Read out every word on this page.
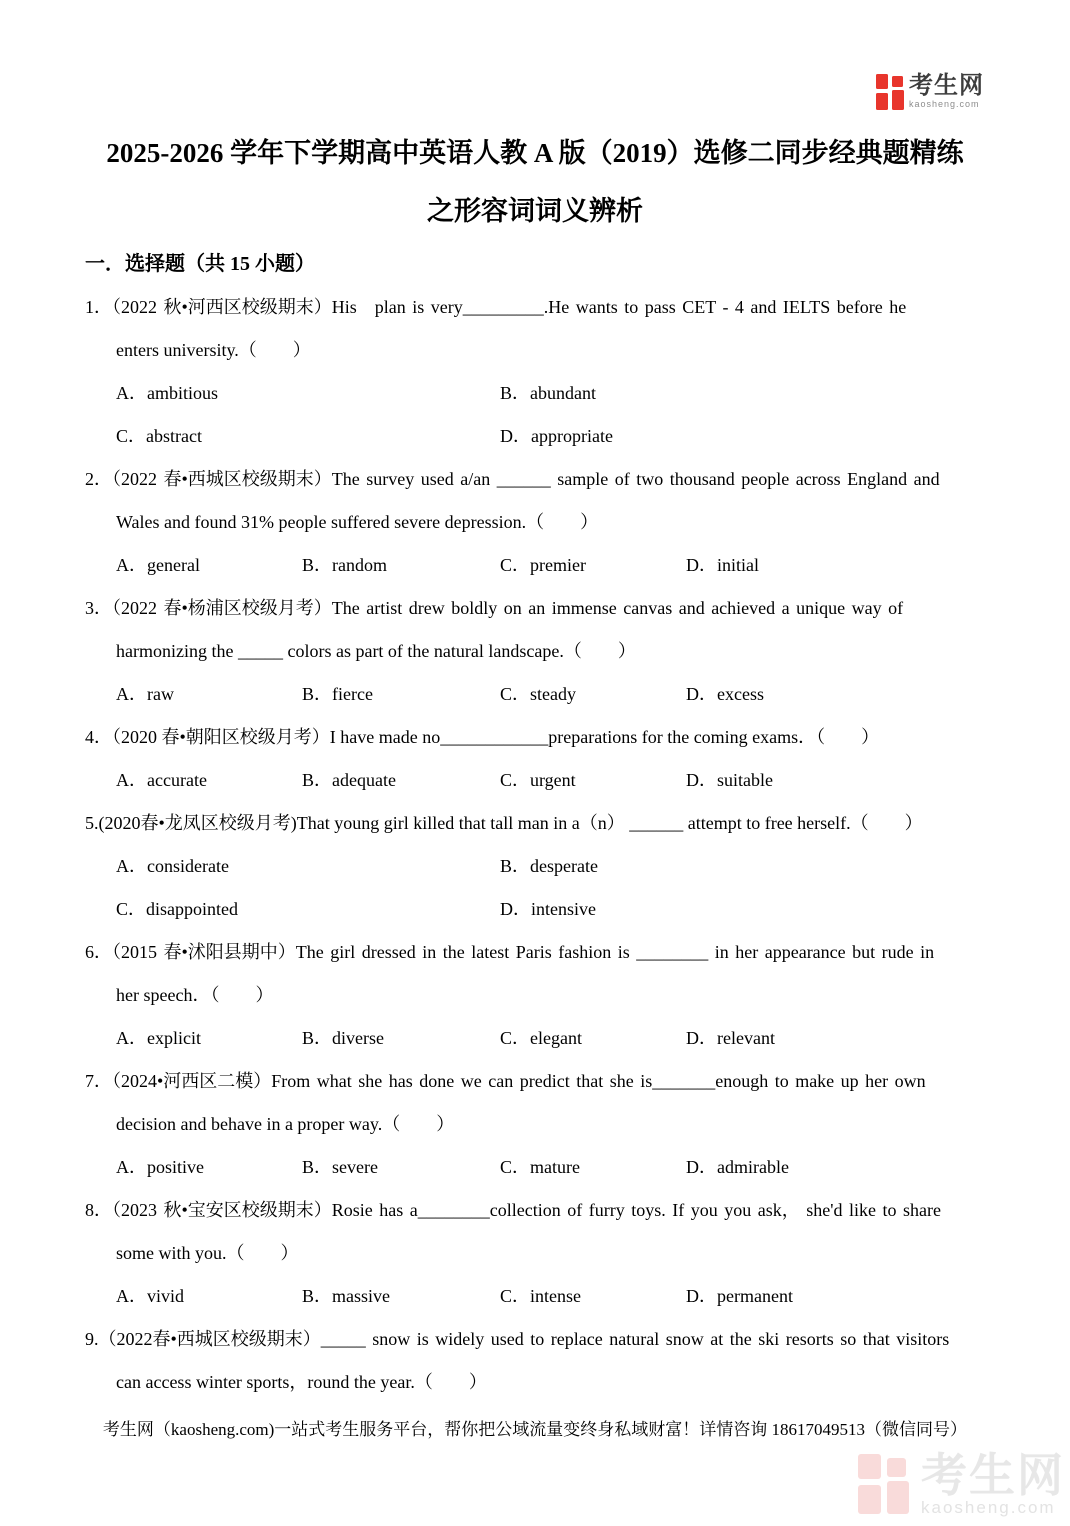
考生网
kaosheng.com
2025-2026 学年下学期高中英语人教 A 版（2019）选修二同步经典题精练
之形容词词义辨析
一．选择题（共 15 小题）
1．（2022 秋•河西区校级期末）His　plan is very_________.He wants to pass CET - 4 and IELTS before he
enters university.（　　）
A．ambitious	B．abundant
C．abstract	D．appropriate
2．（2022 春•西城区校级期末）The survey used a/an ______ sample of two thousand people across England and
Wales and found 31% people suffered severe depression.（　　）
A．general	B．random	C．premier	D．initial
3．（2022 春•杨浦区校级月考）The artist drew boldly on an immense canvas and achieved a unique way of
harmonizing the _____ colors as part of the natural landscape.（　　）
A．raw	B．fierce	C．steady	D．excess
4．（2020 春•朝阳区校级月考）I have made no____________preparations for the coming exams．（　　）
A．accurate	B．adequate	C．urgent	D．suitable
5.(2020春•龙凤区校级月考)That young girl killed that tall man in a（n） ______ attempt to free herself.（　　）
A．considerate	B．desperate
C．disappointed	D．intensive
6．（2015 春•沭阳县期中）The girl dressed in the latest Paris fashion is ________ in her appearance but rude in
her speech．（　　）
A．explicit	B．diverse	C．elegant	D．relevant
7．（2024•河西区二模）From what she has done we can predict that she is_______enough to make up her own
decision and behave in a proper way.（　　）
A．positive	B．severe	C．mature	D．admirable
8．（2023 秋•宝安区校级期末）Rosie has a________collection of furry toys. If you you ask， she'd like to share
some with you.（　　）
A．vivid	B．massive	C．intense	D．permanent
9.（2022春•西城区校级期末）_____ snow is widely used to replace natural snow at the ski resorts so that visitors
can access winter sports，round the year.（　　）
考生网（kaosheng.com)一站式考生服务平台，帮你把公域流量变终身私域财富！详情咨询 18617049513（微信同号）
考生网
kaosheng.com
